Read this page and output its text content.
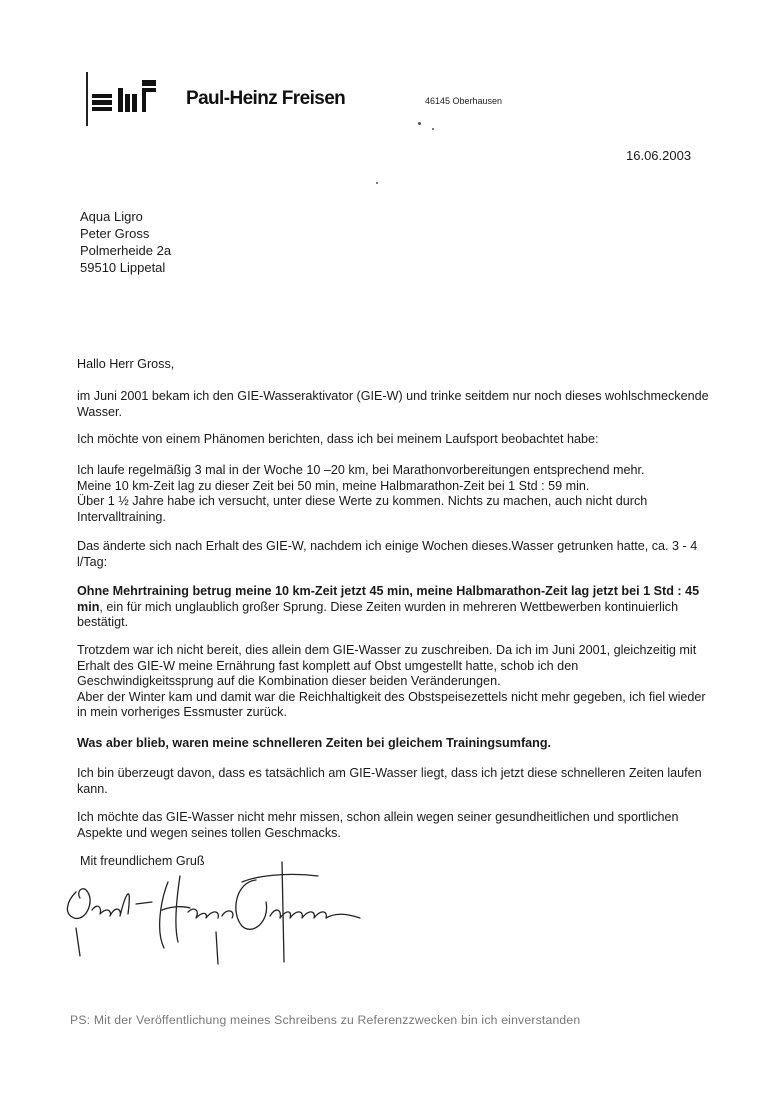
Paul-Heinz Freisen	46145 Oberhausen
16.06.2003
Aqua Ligro
Peter Gross
Polmerheide 2a
59510 Lippetal
Hallo Herr Gross,

im Juni 2001 bekam ich den GIE-Wasseraktivator (GIE-W) und trinke seitdem nur noch dieses wohlschmeckende Wasser.

Ich möchte von einem Phänomen berichten, dass ich bei meinem Laufsport beobachtet habe:

Ich laufe regelmäßig 3 mal in der Woche 10 –20 km, bei Marathonvorbereitungen entsprechend mehr.

Meine 10 km-Zeit lag zu dieser Zeit bei 50 min, meine Halbmarathon-Zeit bei 1 Std : 59 min.

Über 1 ½ Jahre habe ich versucht, unter diese Werte zu kommen. Nichts zu machen, auch nicht durch Intervalltraining.

Das änderte sich nach Erhalt des GIE-W, nachdem ich einige Wochen dieses.Wasser getrunken hatte, ca. 3 - 4 l/Tag:

Ohne Mehrtraining betrug meine 10 km-Zeit jetzt 45 min, meine Halbmarathon-Zeit lag jetzt bei 1 Std : 45 min, ein für mich unglaublich großer Sprung. Diese Zeiten wurden in mehreren Wettbewerben kontinuierlich bestätigt.

Trotzdem war ich nicht bereit, dies allein dem GIE-Wasser zu zuschreiben. Da ich im Juni 2001, gleichzeitig mit Erhalt des GIE-W meine Ernährung fast komplett auf Obst umgestellt hatte, schob ich den Geschwindigkeitssprung auf die Kombination dieser beiden Veränderungen.

Aber der Winter kam und damit war die Reichhaltigkeit des Obstspeisezettels nicht mehr gegeben, ich fiel wieder in mein vorheriges Essmuster zurück.

Was aber blieb, waren meine schnelleren Zeiten bei gleichem Trainingsumfang.

Ich bin überzeugt davon, dass es tatsächlich am GIE-Wasser liegt, dass ich jetzt diese schnelleren Zeiten laufen kann.

Ich möchte das GIE-Wasser nicht mehr missen, schon allein wegen seiner gesundheitlichen und sportlichen Aspekte und wegen seines tollen Geschmacks.

Mit freundlichem Gruß
PS: Mit der Veröffentlichung meines Schreibens zu Referenzzwecken bin ich einverstanden
